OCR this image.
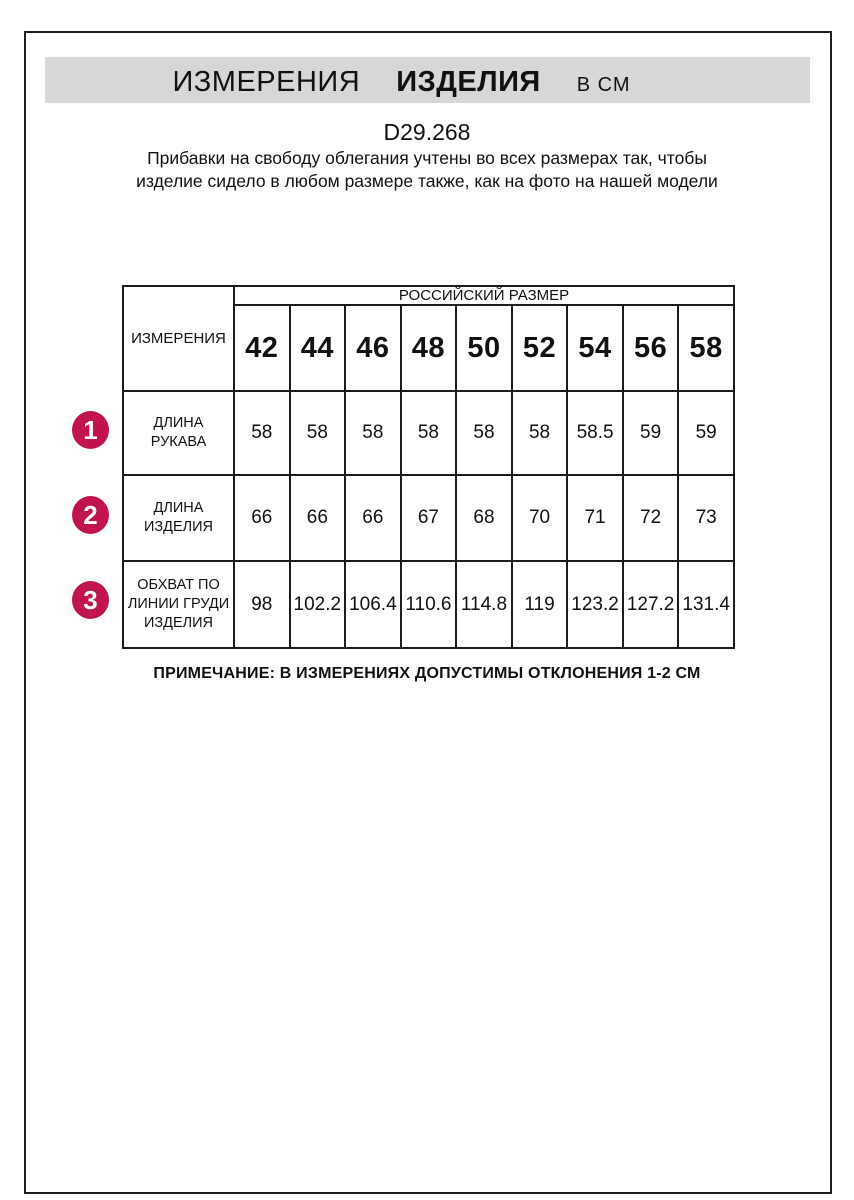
ИЗМЕРЕНИЯ ИЗДЕЛИЯ В СМ
D29.268
Прибавки на свободу облегания учтены во всех размерах так, чтобы изделие сидело в любом размере также, как на фото на нашей модели
ИЗМЕРЕНИЯ	РОССИЙСКИЙ РАЗМЕР								
	42	44	46	48	50	52	54	56	58
ДЛИНА РУКАВА	58	58	58	58	58	58	58.5	59	59
ДЛИНА ИЗДЕЛИЯ	66	66	66	67	68	70	71	72	73
ОБХВАТ ПО ЛИНИИ ГРУДИ ИЗДЕЛИЯ	98	102.2	106.4	110.6	114.8	119	123.2	127.2	131.4
1
2
3
ПРИМЕЧАНИЕ: В ИЗМЕРЕНИЯХ ДОПУСТИМЫ ОТКЛОНЕНИЯ 1-2 СМ
